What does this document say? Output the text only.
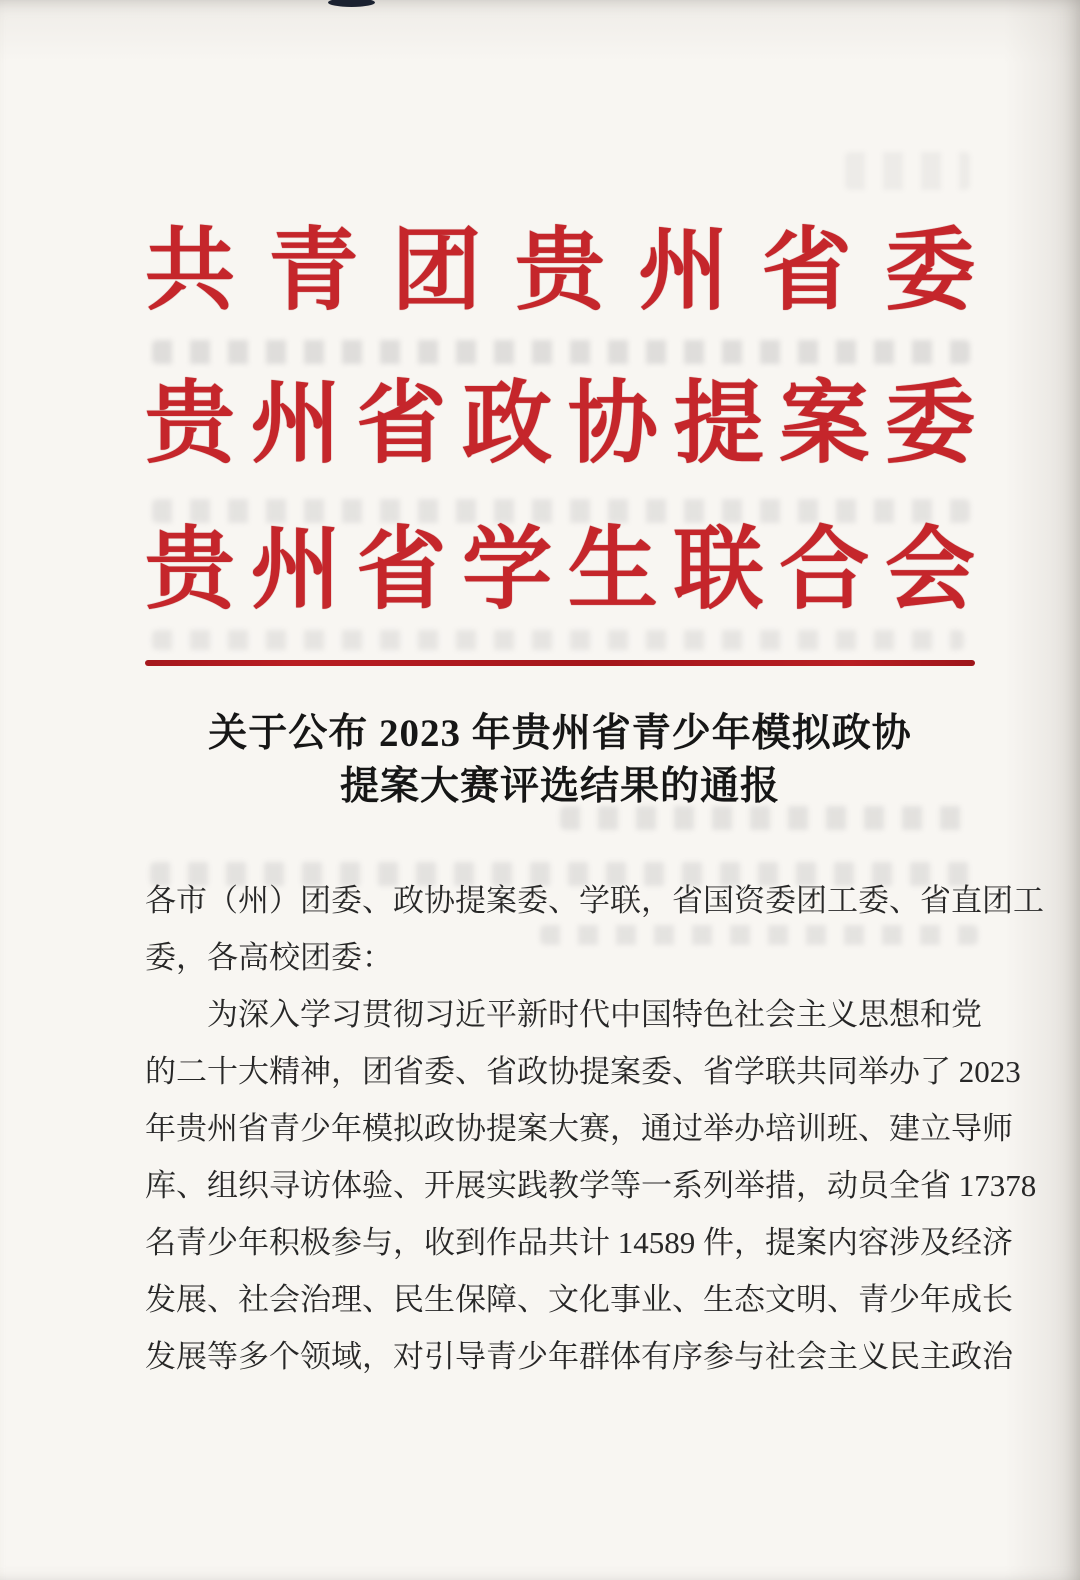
共青团贵州省委
贵州省政协提案委
贵州省学生联合会
关于公布 2023 年贵州省青少年模拟政协
提案大赛评选结果的通报
各市（州）团委、政协提案委、学联，省国资委团工委、省直团工
委，各高校团委：
为深入学习贯彻习近平新时代中国特色社会主义思想和党
的二十大精神，团省委、省政协提案委、省学联共同举办了 2023
年贵州省青少年模拟政协提案大赛，通过举办培训班、建立导师
库、组织寻访体验、开展实践教学等一系列举措，动员全省 17378
名青少年积极参与，收到作品共计 14589 件，提案内容涉及经济
发展、社会治理、民生保障、文化事业、生态文明、青少年成长
发展等多个领域，对引导青少年群体有序参与社会主义民主政治
